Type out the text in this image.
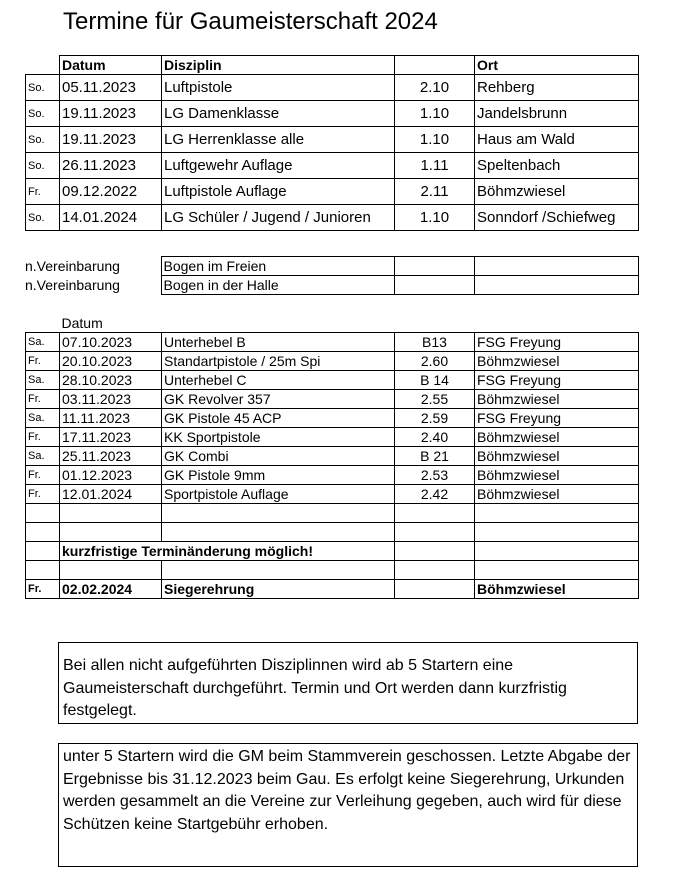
Termine für Gaumeisterschaft 2024
	Datum	Disziplin		Ort
So.	05.11.2023	Luftpistole	2.10	Rehberg
So.	19.11.2023	LG Damenklasse	1.10	Jandelsbrunn
So.	19.11.2023	LG Herrenklasse alle	1.10	Haus am Wald
So.	26.11.2023	Luftgewehr Auflage	1.11	Speltenbach
Fr.	09.12.2022	Luftpistole Auflage	2.11	Böhmzwiesel
So.	14.01.2024	LG Schüler / Jugend / Junioren	1.10	Sonndorf /Schiefweg
n.Vereinbarung	Bogen im Freien		
n.Vereinbarung	Bogen in der Halle		
	Datum			
Sa.	07.10.2023	Unterhebel B	B13	FSG Freyung
Fr.	20.10.2023	Standartpistole / 25m Spi	2.60	Böhmzwiesel
Sa.	28.10.2023	Unterhebel C	B 14	FSG Freyung
Fr.	03.11.2023	GK Revolver 357	2.55	Böhmzwiesel
Sa.	11.11.2023	GK Pistole 45 ACP	2.59	FSG Freyung
Fr.	17.11.2023	KK Sportpistole	2.40	Böhmzwiesel
Sa.	25.11.2023	GK Combi	B 21	Böhmzwiesel
Fr.	01.12.2023	GK Pistole 9mm	2.53	Böhmzwiesel
Fr.	12.01.2024	Sportpistole Auflage	2.42	Böhmzwiesel

	kurzfristige Terminänderung möglich!			

Fr.	02.02.2024	Siegerehrung		Böhmzwiesel
Bei allen nicht aufgeführten Disziplinnen wird ab 5 Startern eine Gaumeisterschaft durchgeführt. Termin und Ort werden dann kurzfristig festgelegt.
unter 5 Startern wird die GM beim Stammverein geschossen. Letzte Abgabe der Ergebnisse bis 31.12.2023 beim Gau. Es erfolgt keine Siegerehrung, Urkunden werden gesammelt an die Vereine zur Verleihung gegeben, auch wird für diese Schützen keine Startgebühr erhoben.
